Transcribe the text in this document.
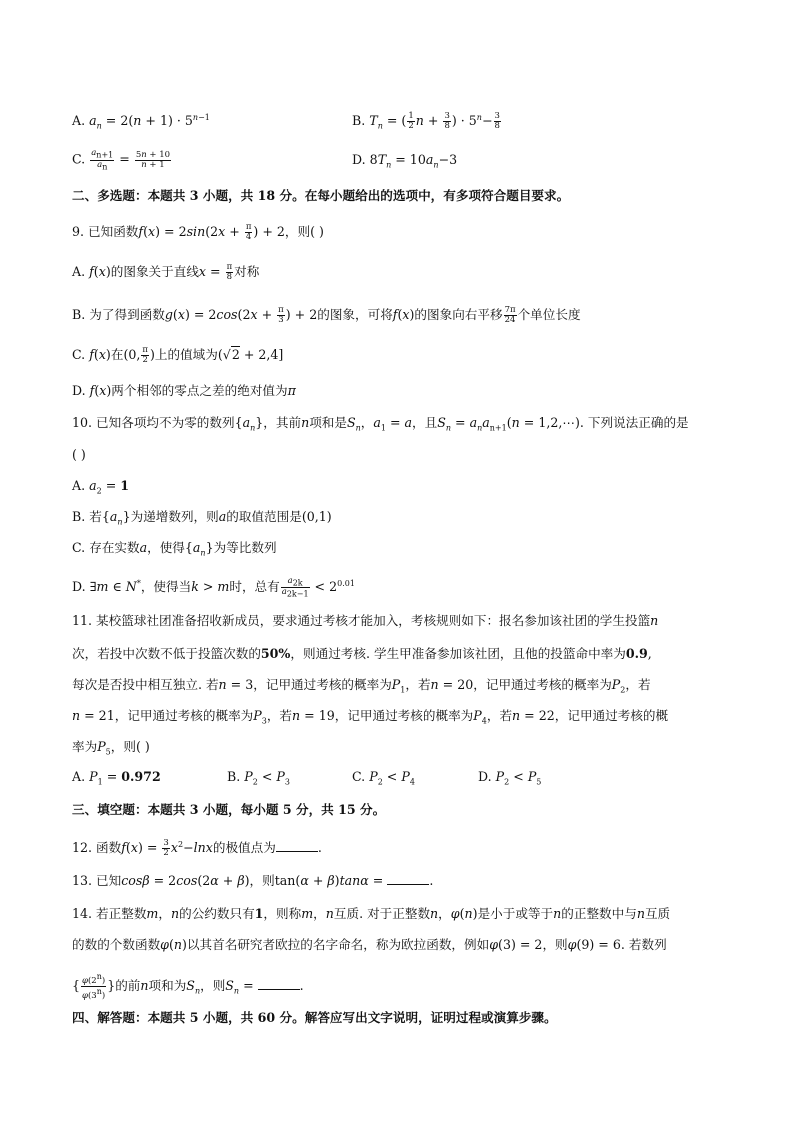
A. $a_n = 2(n + 1) \cdot 5^{n-1}$	B. $T_n$ = ( $\frac{1}{2}$ $n + \frac{3}{8}$ ) · $5^n- \frac{3}{8}$
C. $\frac{a_{n+1}}{a_n} = \frac{5n + 10}{n + 1}$	D. $8T_n = 10a_n-3$
二、多选题：本题共 3 小题，共 18 分。在每小题给出的选项中，有多项符合题目要求。
9. 已知函数$f(x) = 2\sin(2x + \frac{\pi}{4}$ ) + 2，则( )
A. f(x)的图象关于直线$x = \frac{\pi}{8}$ 对称
B. 为了得到函数$g(x) = 2\cos(2x + \frac{\pi}{3}$ ) + 2的图象，可将f(x)的图象向右平移 $\frac{7\pi}{24}$ 个单位长度
C. f(x)在(0, $\frac{\pi}{2}$ )上的值域为(√2 + 2,4]
D. f(x)两个相邻的零点之差的绝对值为π
10. 已知各项均不为零的数列$\{a_n\}$，其前n项和是$S_n$，$a_1 = a$，且$S_n = a_na_{n+1}(n$ = 1,2,⋯). 下列说法正确的是
( )
A. $a_2 = 1$
B. 若$\{a_n\}$为递增数列，则a的取值范围是(0,1)
C. 存在实数a，使得$\{a_n\}$为等比数列
D. ∃m ∈ N*，使得当k > m时，总有 $\frac{a_{2k}}{a_{2k-1}} < 2^{0.01}$
11. 某校篮球社团准备招收新成员，要求通过考核才能加入，考核规则如下：报名参加该社团的学生投篮n
次，若投中次数不低于投篮次数的50%，则通过考核. 学生甲准备参加该社团，且他的投篮命中率为0.9,
每次是否投中相互独立. 若n = 3，记甲通过考核的概率为$P_1$，若n = 20，记甲通过考核的概率为$P_2$，若
n = 21，记甲通过考核的概率为$P_3$，若n = 19，记甲通过考核的概率为$P_4$，若n = 22，记甲通过考核的概
率为$P_5$，则( )
A. $P_1 = 0.972$	B. $P_2 < P_3$	C. $P_2 < P_4$	D. $P_2 < P_5$
三、填空题：本题共 3 小题，每小题 5 分，共 15 分。
12. 函数$f(x) = \frac{3}{2} x^2-\ln x$的极值点为	.
13. 已知cosβ = 2cos(2α + β)，则tan(α + β)tanα =	.
14. 若正整数m，n的公约数只有1，则称m，n互质. 对于正整数n，φ(n)是小于或等于n的正整数中与n互质
的数的个数函数φ(n)以其首名研究者欧拉的名字命名，称为欧拉函数，例如φ(3) = 2，则φ(9) = 6. 若数列
{ $\frac{\varphi(2^n)}{\varphi(3^n)}$ }的前n项和为$S_n$，则$S_n$ =	.
四、解答题：本题共 5 小题，共 60 分。解答应写出文字说明，证明过程或演算步骤。
